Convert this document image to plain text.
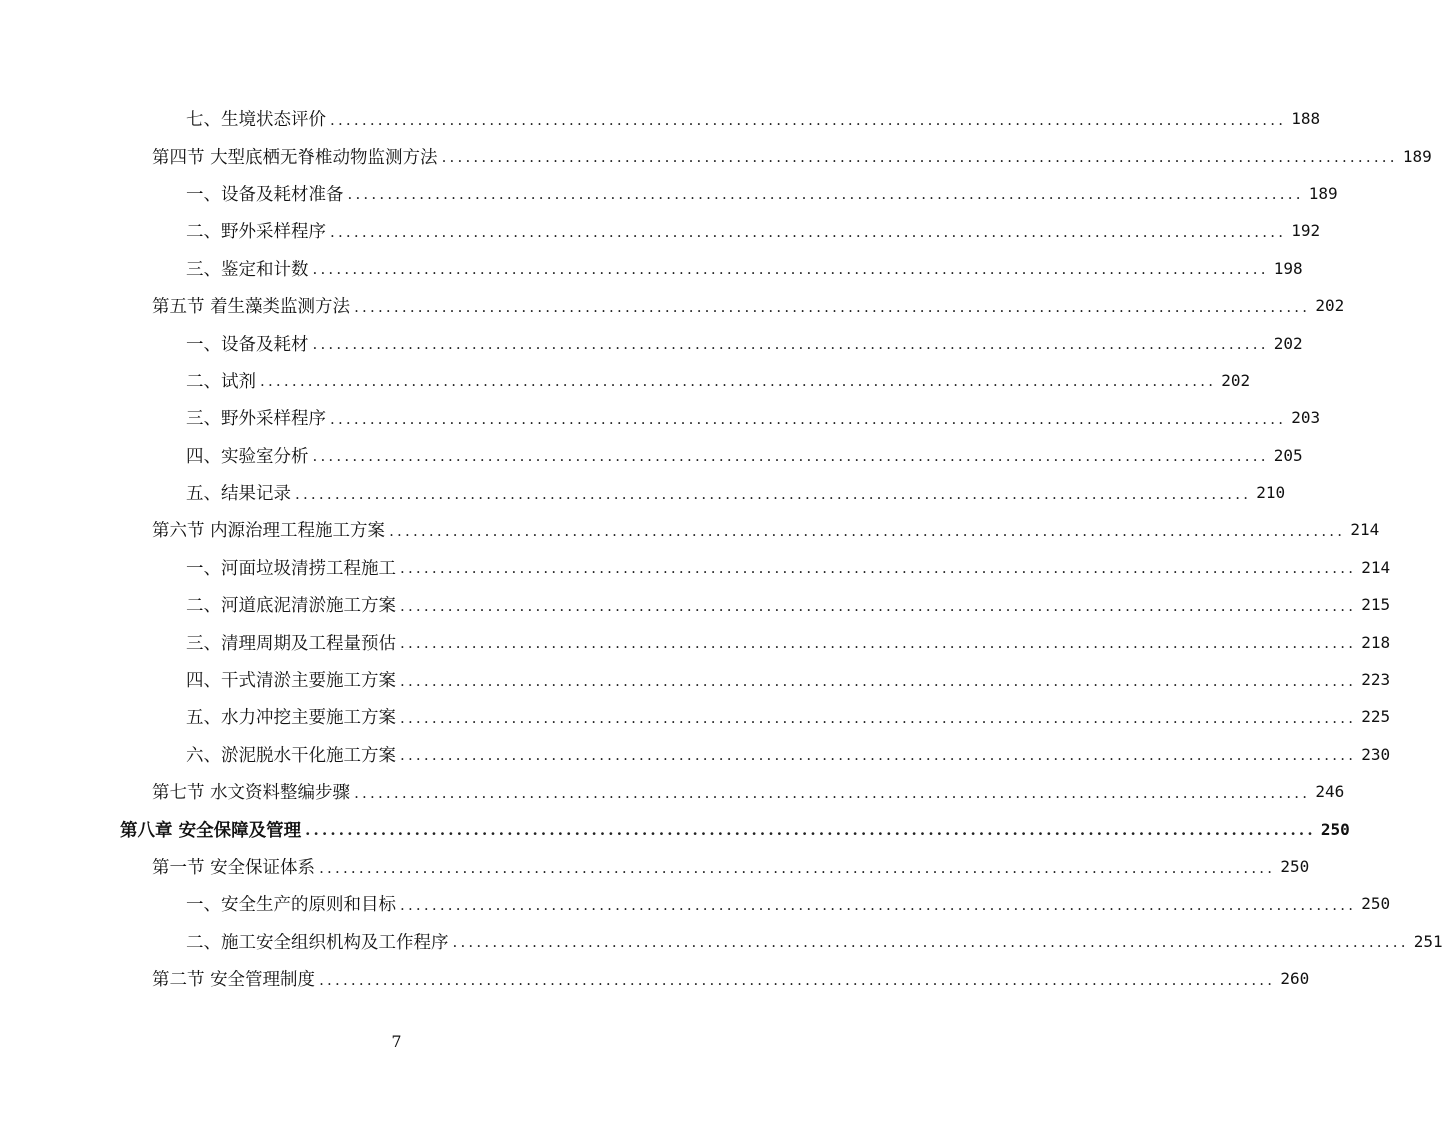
七、生境状态评价 ........................................................................................................................ 188
第四节 大型底栖无脊椎动物监测方法 ........................................................................................................................ 189
一、设备及耗材准备 ........................................................................................................................ 189
二、野外采样程序 ........................................................................................................................ 192
三、鉴定和计数 ........................................................................................................................ 198
第五节 着生藻类监测方法 ........................................................................................................................ 202
一、设备及耗材 ........................................................................................................................ 202
二、试剂 ........................................................................................................................ 202
三、野外采样程序 ........................................................................................................................ 203
四、实验室分析 ........................................................................................................................ 205
五、结果记录 ........................................................................................................................ 210
第六节 内源治理工程施工方案 ........................................................................................................................ 214
一、河面垃圾清捞工程施工 ........................................................................................................................ 214
二、河道底泥清淤施工方案 ........................................................................................................................ 215
三、清理周期及工程量预估 ........................................................................................................................ 218
四、干式清淤主要施工方案 ........................................................................................................................ 223
五、水力冲挖主要施工方案 ........................................................................................................................ 225
六、淤泥脱水干化施工方案 ........................................................................................................................ 230
第七节 水文资料整编步骤 ........................................................................................................................ 246
第八章 安全保障及管理 ........................................................................................................................ 250
第一节 安全保证体系 ........................................................................................................................ 250
一、安全生产的原则和目标 ........................................................................................................................ 250
二、施工安全组织机构及工作程序 ........................................................................................................................ 251
第二节 安全管理制度 ........................................................................................................................ 260
7
